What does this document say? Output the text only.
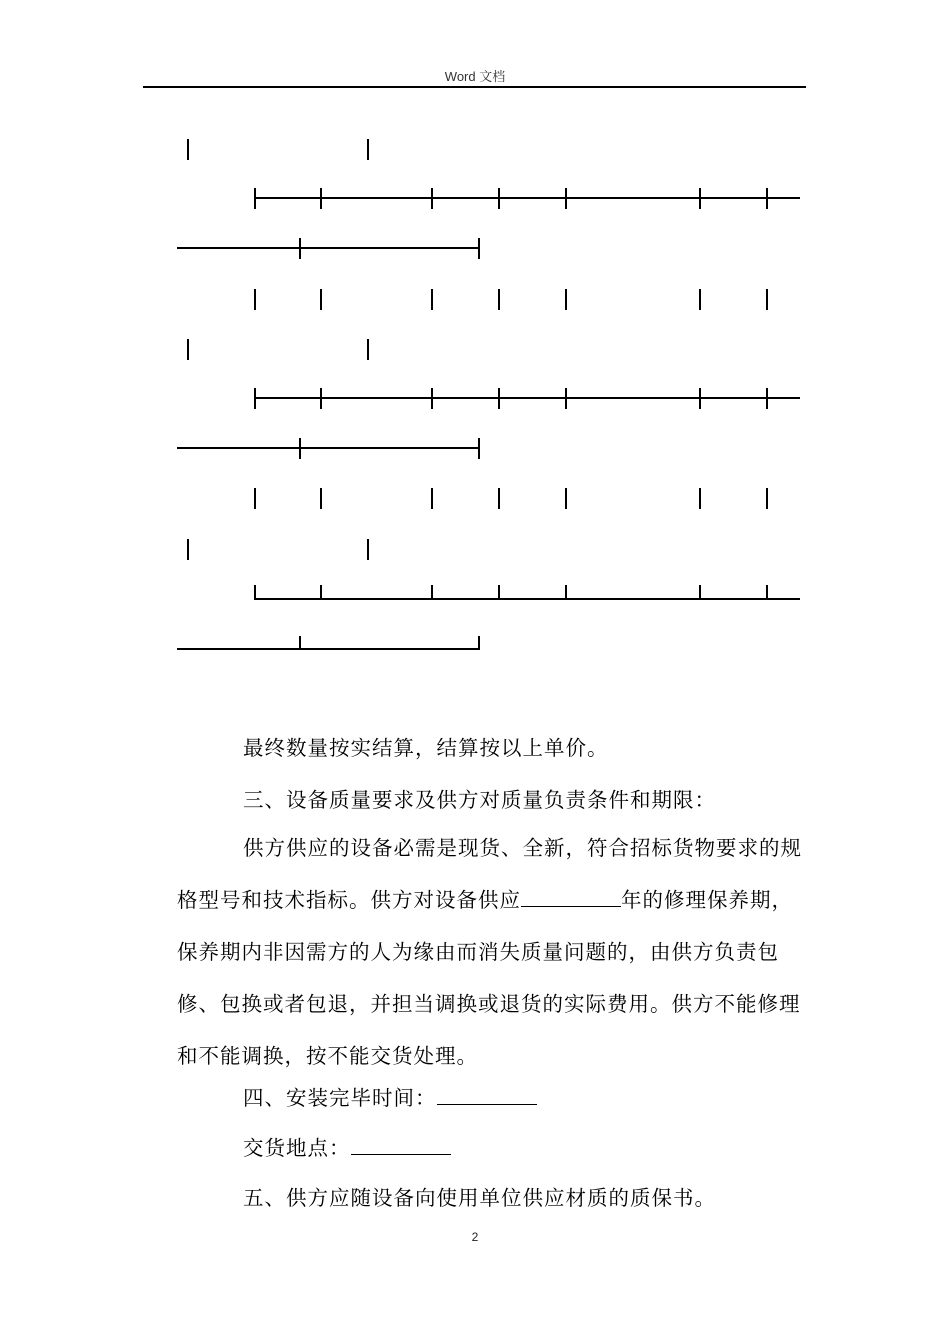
Word 文档
最终数量按实结算，结算按以上单价。
三、设备质量要求及供方对质量负责条件和期限：

供方供应的设备必需是现货、全新，符合招标货物要求的规格型号和技术指标。供方对设备供应	年的修理保养期，保养期内非因需方的人为缘由而消失质量问题的，由供方负责包修、包换或者包退，并担当调换或退货的实际费用。供方不能修理和不能调换，按不能交货处理。

四、安装完毕时间：
交货地点：
五、供方应随设备向使用单位供应材质的质保书。
2
